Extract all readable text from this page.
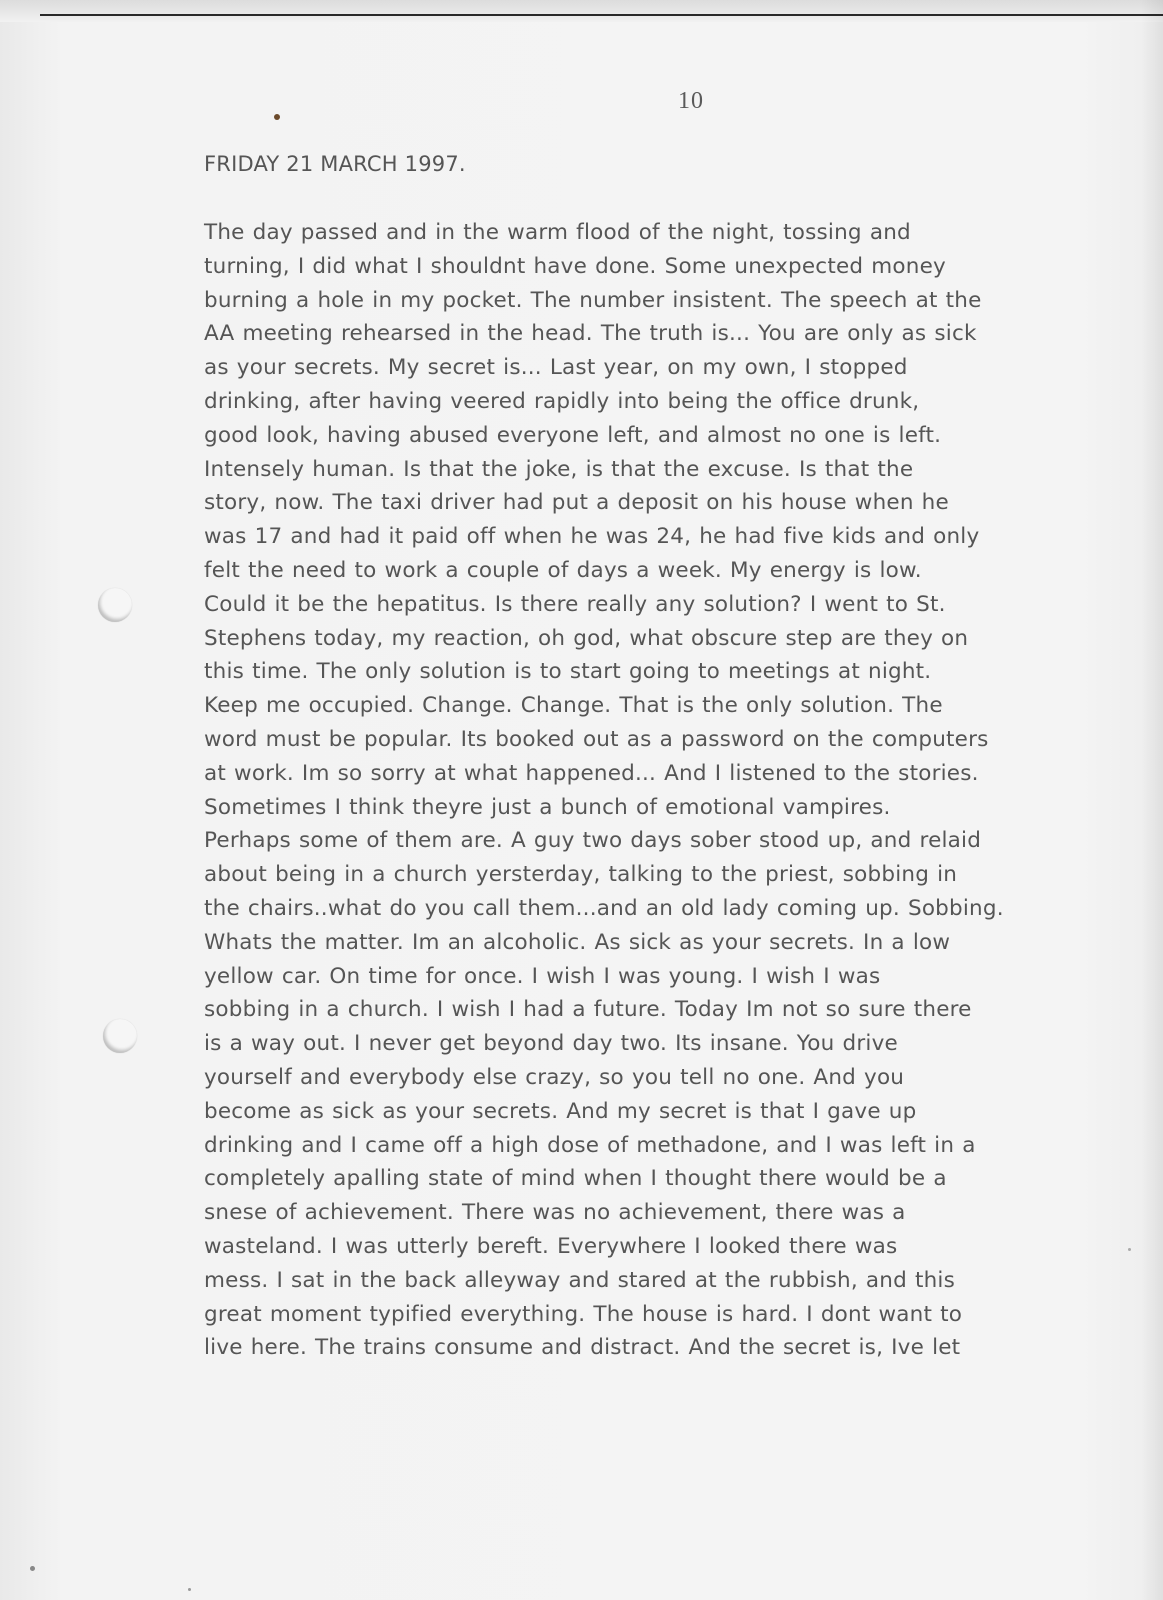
10
FRIDAY 21 MARCH 1997.
The day passed and in the warm flood of the night, tossing and
turning, I did what I shouldnt have done. Some unexpected money
burning a hole in my pocket. The number insistent. The speech at the
AA meeting rehearsed in the head. The truth is... You are only as sick
as your secrets. My secret is... Last year, on my own, I stopped
drinking, after having veered rapidly into being the office drunk,
good look, having abused everyone left, and almost no one is left.
Intensely human. Is that the joke, is that the excuse. Is that the
story, now. The taxi driver had put a deposit on his house when he
was 17 and had it paid off when he was 24, he had five kids and only
felt the need to work a couple of days a week. My energy is low.
Could it be the hepatitus. Is there really any solution? I went to St.
Stephens today, my reaction, oh god, what obscure step are they on
this time. The only solution is to start going to meetings at night.
Keep me occupied. Change. Change. That is the only solution. The
word must be popular. Its booked out as a password on the computers
at work. Im so sorry at what happened... And I listened to the stories.
Sometimes I think theyre just a bunch of emotional vampires.
Perhaps some of them are. A guy two days sober stood up, and relaid
about being in a church yersterday, talking to the priest, sobbing in
the chairs..what do you call them...and an old lady coming up. Sobbing.
Whats the matter. Im an alcoholic. As sick as your secrets. In a low
yellow car. On time for once. I wish I was young. I wish I was
sobbing in a church. I wish I had a future. Today Im not so sure there
is a way out. I never get beyond day two. Its insane. You drive
yourself and everybody else crazy, so you tell no one. And you
become as sick as your secrets. And my secret is that I gave up
drinking and I came off a high dose of methadone, and I was left in a
completely apalling state of mind when I thought there would be a
snese of achievement. There was no achievement, there was a
wasteland. I was utterly bereft. Everywhere I looked there was
mess. I sat in the back alleyway and stared at the rubbish, and this
great moment typified everything. The house is hard. I dont want to
live here. The trains consume and distract. And the secret is, Ive let
